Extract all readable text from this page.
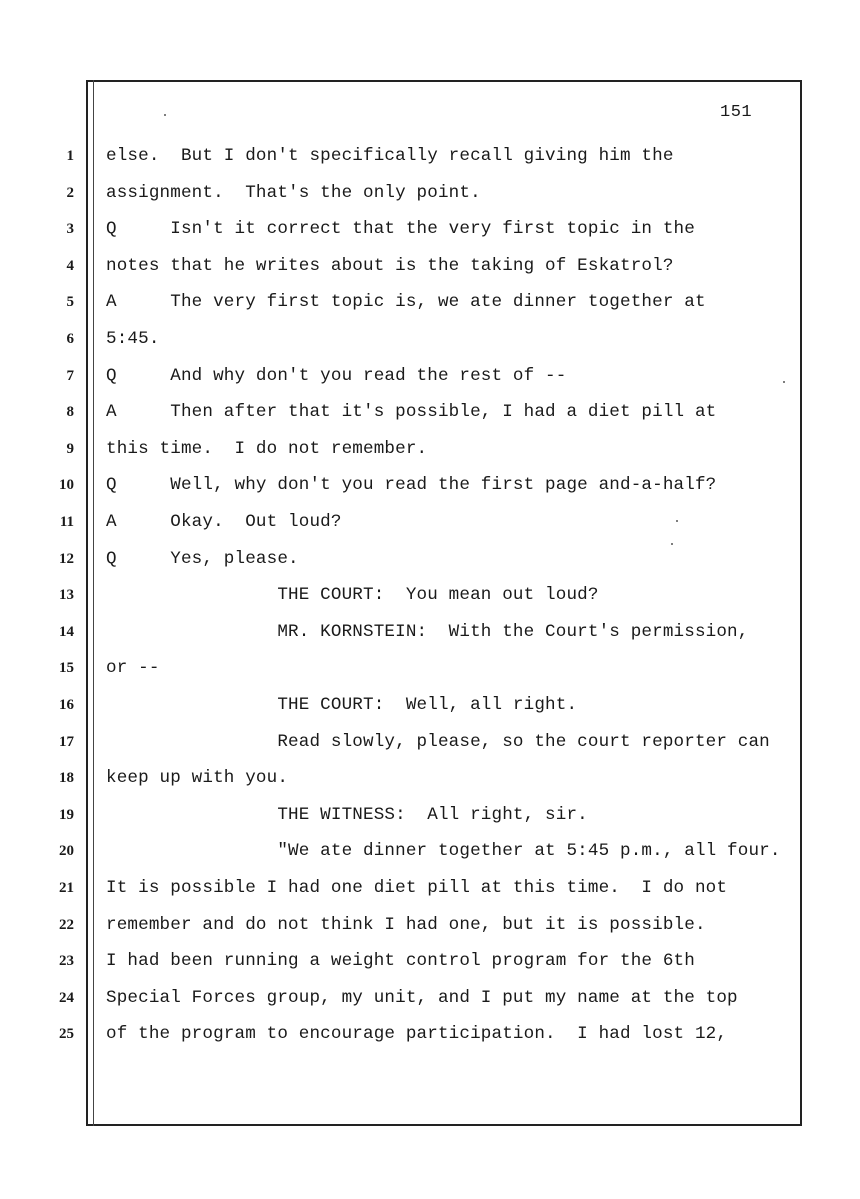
151
1 else.  But I don't specifically recall giving him the
2 assignment.  That's the only point.
3 Q     Isn't it correct that the very first topic in the
4 notes that he writes about is the taking of Eskatrol?
5 A     The very first topic is, we ate dinner together at
6 5:45.
7 Q     And why don't you read the rest of --
8 A     Then after that it's possible, I had a diet pill at
9 this time.  I do not remember.
10 Q     Well, why don't you read the first page and-a-half?
11 A     Okay.  Out loud?
12 Q     Yes, please.
13 THE COURT:  You mean out loud?
14 MR. KORNSTEIN:  With the Court's permission,
15 or --
16 THE COURT:  Well, all right.
17 Read slowly, please, so the court reporter can
18 keep up with you.
19 THE WITNESS:  All right, sir.
20 "We ate dinner together at 5:45 p.m., all four.
21 It is possible I had one diet pill at this time.  I do not
22 remember and do not think I had one, but it is possible.
23 I had been running a weight control program for the 6th
24 Special Forces group, my unit, and I put my name at the top
25 of the program to encourage participation.  I had lost 12,
